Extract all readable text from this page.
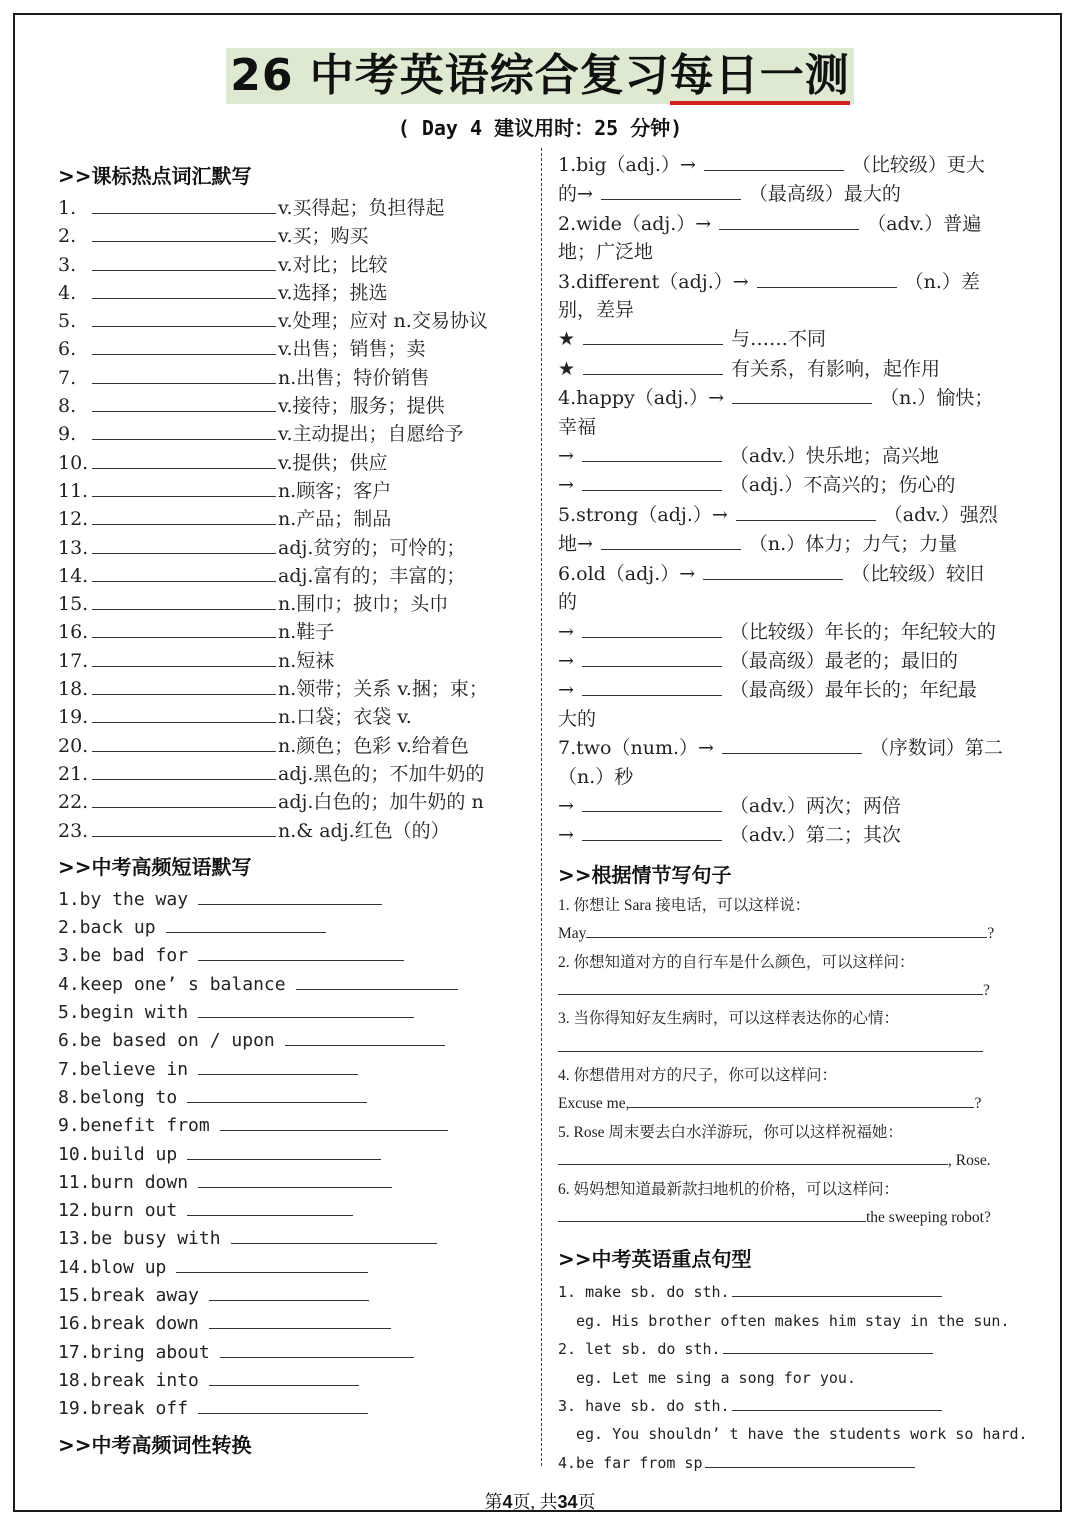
26 中考英语综合复习每日一测
( Day 4 建议用时：25 分钟)
>>课标热点词汇默写
1.	v.买得起；负担得起
2.	v.买；购买
3.	v.对比；比较
4.	v.选择；挑选
5.	v.处理；应对 n.交易协议
6.	v.出售；销售；卖
7.	n.出售；特价销售
8.	v.接待；服务；提供
9.	v.主动提出；自愿给予
10.	v.提供；供应
11.	n.顾客；客户
12.	n.产品；制品
13.	adj.贫穷的；可怜的；
14.	adj.富有的；丰富的；
15.	n.围巾；披巾；头巾
16.	n.鞋子
17.	n.短袜
18.	n.领带；关系 v.捆；束；
19.	n.口袋；衣袋 v.
20.	n.颜色；色彩 v.给着色
21.	adj.黑色的；不加牛奶的
22.	adj.白色的；加牛奶的 n
23.	n.& adj.红色（的）
>>中考高频短语默写
1.by the way
2.back up
3.be bad for
4.keep one’ s balance
5.begin with
6.be based on / upon
7.believe in
8.belong to
9.benefit from
10.build up
11.burn down
12.burn out
13.be busy with
14.blow up
15.break away
16.break down
17.bring about
18.break into
19.break off
>>中考高频词性转换
1.big（adj.）→	（比较级）更大
的→	（最高级）最大的
2.wide（adj.）→	（adv.）普遍
地；广泛地
3.different（adj.）→	（n.）差
别，差异
★	与……不同
★	有关系，有影响，起作用
4.happy（adj.）→	（n.）愉快；
幸福
→	（adv.）快乐地；高兴地
→	（adj.）不高兴的；伤心的
5.strong（adj.）→	（adv.）强烈
地→	（n.）体力；力气；力量
6.old（adj.）→	（比较级）较旧
的
→	（比较级）年长的；年纪较大的
→	（最高级）最老的；最旧的
→	（最高级）最年长的；年纪最
大的
7.two（num.）→	（序数词）第二
（n.）秒
→	（adv.）两次；两倍
→	（adv.）第二；其次
>>根据情节写句子
1. 你想让 Sara 接电话，可以这样说：
May	?
2. 你想知道对方的自行车是什么颜色，可以这样问：
?
3. 当你得知好友生病时，可以这样表达你的心情：
4. 你想借用对方的尺子，你可以这样问：
Excuse me,	?
5. Rose 周末要去白水洋游玩，你可以这样祝福她：
, Rose.
6. 妈妈想知道最新款扫地机的价格，可以这样问：
the sweeping robot?
>>中考英语重点句型
1. make sb. do sth.
eg. His brother often makes him stay in the sun.
2. let sb. do sth.
eg. Let me sing a song for you.
3. have sb. do sth.
eg. You shouldn’ t have the students work so hard.
4.be far from sp
第4页, 共34页
